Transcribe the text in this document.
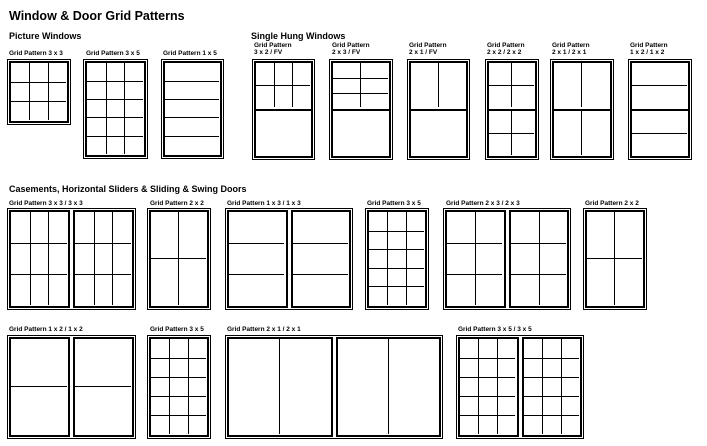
Window & Door Grid Patterns
Picture Windows	Single Hung Windows
Casements, Horizontal Sliders & Sliding & Swing Doors
Grid Pattern 3 x 3	Grid Pattern 3 x 5	Grid Pattern 1 x 5
Grid Pattern
3 x 2 / FV
Grid Pattern
2 x 3 / FV
Grid Pattern
2 x 1 / FV
Grid Pattern
2 x 2 / 2 x 2
Grid Pattern
2 x 1 / 2 x 1
Grid Pattern
1 x 2 / 1 x 2
Grid Pattern 3 x 3 / 3 x 3	Grid Pattern 2 x 2	Grid Pattern 1 x 3 / 1 x 3	Grid Pattern 3 x 5	Grid Pattern 2 x 3 / 2 x 3	Grid Pattern 2 x 2
Grid Pattern 1 x 2 / 1 x 2	Grid Pattern 3 x 5	Grid Pattern 2 x 1 / 2 x 1	Grid Pattern 3 x 5 / 3 x 5
